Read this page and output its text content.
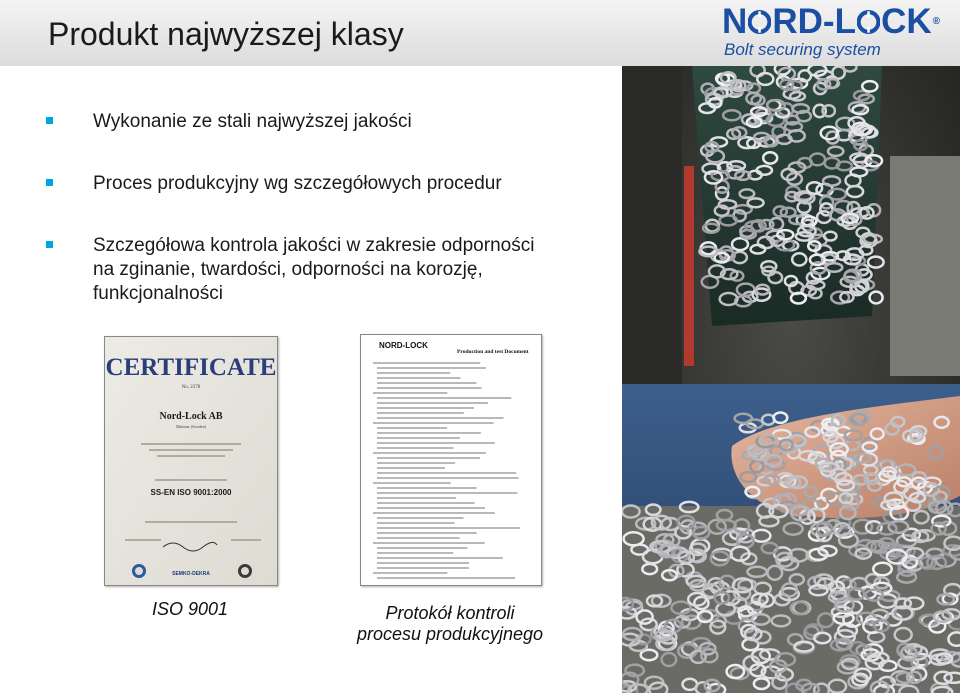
Produkt najwyższej klasy	N RD-L CK ®
Bolt securing system
Wykonanie ze stali najwyższej jakości
Proces produkcyjny wg szczegółowych procedur
Szczegółowa kontrola jakości w zakresie odporności
na zginanie, twardości, odporności na korozję,
funkcjonalności
CERTIFICATE
No. 2378
Nord-Lock AB
Mattmar (Sweden)
SS-EN ISO 9001:2000
SEMKO-DEKRA
NORD-LOCK
Production and test Document
ISO 9001	Protokół kontroli
procesu produkcyjnego
